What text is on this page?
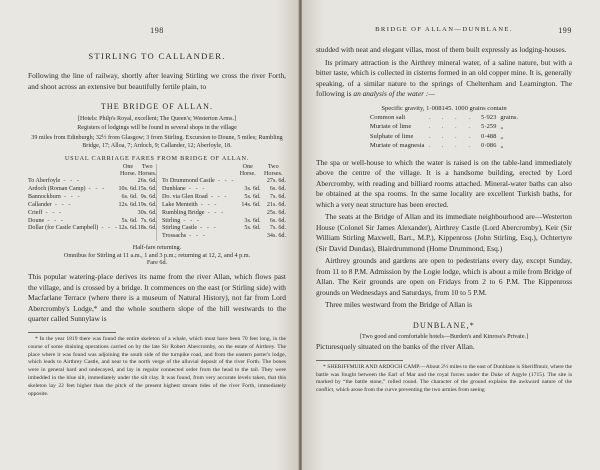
198
STIRLING TO CALLANDER.

Following the line of railway, shortly after leaving Stirling we cross the river Forth, and shoot across an extensive but beautifully fertile plain, to

THE BRIDGE OF ALLAN.

[Hotels: Philp's Royal, excellent; The Queen's; Westerton Arms.]

Registers of lodgings will be found in several shops in the village

39 miles from Edinburgh; 32½ from Glasgow; 3 from Stirling. Excursion to Doune, 5 miles; Rumbling Bridge, 17; Alloa, 7; Ardoch, 9; Callander, 12; Aberfoyle, 18.

USUAL CARRIAGE FARES FROM BRIDGE OF ALLAN.
	One
Horse.	Two
Horses.
To Aberfoyle - - -		26s. 6d.
Ardoch (Roman Camp) - - -	10s. 6d.	15s. 6d.
Bannockburn - - -	6s. 6d.	9s. 6d.
Callander - - -	12s. 6d.	19s. 6d.
Crieff - - -		30s. 6d.
Doune - - -	5s. 6d.	7s. 6d.
Dollar (for Castle Campbell) - - -	12s. 6d.	18s. 6d.
	One
Horse.	Two
Horses.
To Drummond Castle - - -		27s. 6d.
Dunblane - - -	3s. 6d.	6s. 6d.
Do. via Glen Road - - -	5s. 6d.	7s. 6d.
Lake Menteith - - -	14s. 6d.	21s. 6d.
Rumbling Bridge - - -		25s. 6d.
Stirling - - -	3s. 6d.	6s. 6d.
Stirling Castle - - -	5s. 6d.	7s. 6d.
Trossachs - - -		34s. 6d.
Half-fare returning.
Omnibus for Stirling at 11 a.m., 1 and 3 p.m.; returning at 12, 2, and 4 p.m.
Fare 6d.

This popular watering-place derives its name from the river Allan, which flows past the village, and is crossed by a bridge. It commences on the east (or Stirling side) with Macfarlane Terrace (where there is a museum of Natural History), not far from Lord Abercromby's Lodge,* and the whole southern slope of the hill westwards to the quarter called Sunnylaw is

* In the year 1819 there was found the entire skeleton of a whale, which must have been 70 feet long, in the course of some draining operations carried on by the late Sir Robert Abercromby, on the estate of Airthrey. The place where it was found was adjoining the south side of the turnpike road, and from the eastern porter's lodge, which leads to Airthrey Castle, and near to the north verge of the alluvial deposit of the river Forth. The bones were in general hard and undecayed, and lay in regular connected order from the head to the tail. They were imbedded in the blue silt, immediately under the silt clay. It was found, from very accurate levels taken, that this skeleton lay 22 feet higher than the pitch of the present highest stream tides of the river Forth, immediately opposite.

BRIDGE OF ALLAN—DUNBLANE.	199

studded with neat and elegant villas, most of them built expressly as lodging-houses.

Its primary attraction is the Airthrey mineral water, of a saline nature, but with a bitter taste, which is collected in cisterns formed in an old copper mine. It is, generally speaking, of a similar nature to the springs of Cheltenham and Leamington. The following is an analysis of the water :—

Specific gravity, 1·008145. 1000 grains contain
Common salt	. . . .	5·923	grains.
Muriate of lime	. . . .	5·259	„
Sulphate of lime	. . . .	0·488	„
Muriate of magnesia	. . . .	0·086	„

The spa or well-house to which the water is raised is on the table-land immediately above the centre of the village. It is a handsome building, erected by Lord Abercromby, with reading and billiard rooms attached. Mineral-water baths can also be obtained at the spa rooms. In the same locality are excellent Turkish baths, for which a very neat structure has been erected.

The seats at the Bridge of Allan and its immediate neighbourhood are—Westerton House (Colonel Sir James Alexander), Airthrey Castle (Lord Abercromby), Keir (Sir William Stirling Maxwell, Bart., M.P.), Kippenross (John Stirling, Esq.), Ochtertyre (Sir David Dundas), Blairdrummond (Home Drummond, Esq.)

Airthrey grounds and gardens are open to pedestrians every day, except Sunday, from 11 to 8 P.M. Admission by the Logie lodge, which is about a mile from Bridge of Allan. The Keir grounds are open on Fridays from 2 to 6 P.M. The Kippenross grounds on Wednesdays and Saturdays, from 10 to 5 P.M.

Three miles westward from the Bridge of Allan is

DUNBLANE,*

[Two good and comfortable hotels—Burden's and Kinross's Private.]

Picturesquely situated on the banks of the river Allan.

* SHERIFFMUIR AND ARDOCH CAMP.—About 2½ miles to the east of Dunblane is Sheriffmuir, where the battle was fought between the Earl of Mar and the royal forces under the Duke of Argyle (1715). The site is marked by “the battle stone,” rolled round. The character of the ground explains the awkward nature of the conflict, which arose from the curve preventing the two armies from seeing
